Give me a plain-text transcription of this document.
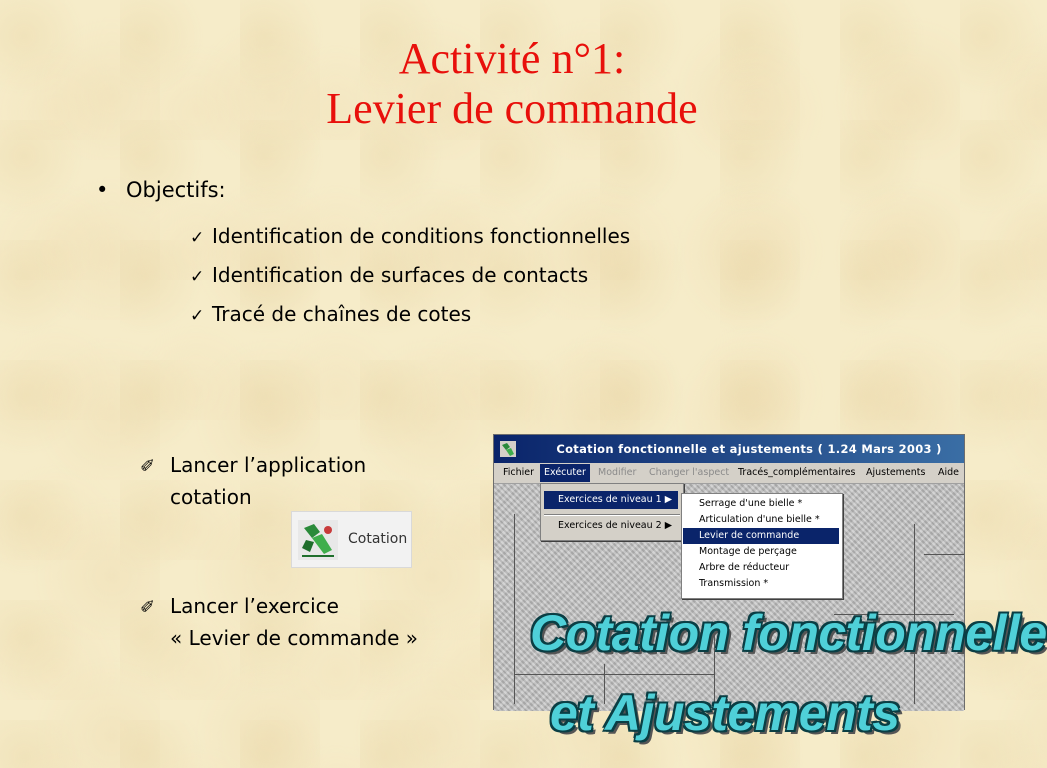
Activité n°1:
Levier de commande
• Objectifs:
✓ Identification de conditions fonctionnelles
✓ Identification de surfaces de contacts
✓ Tracé de chaînes de cotes
✐ Lancer l’application
cotation
Cotation
✐ Lancer l’exercice
« Levier de commande »
Cotation fonctionnelle et ajustements ( 1.24 Mars 2003 )
Fichier	Exécuter	Modifier Changer l'aspect Tracés_complémentaires Ajustements Aide
Cotation fonctionnelle
et Ajustements
Exercices de niveau 1 ▶
Exercices de niveau 2 ▶
Serrage d'une bielle *
Articulation d'une bielle *
Levier de commande
Montage de perçage
Arbre de réducteur
Transmission *
